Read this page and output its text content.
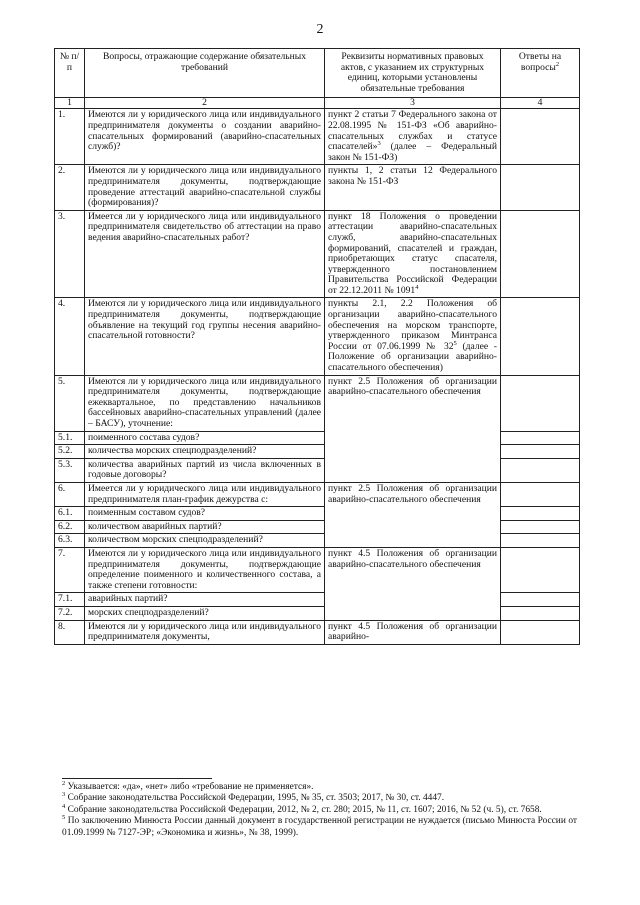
2
№ п/п	Вопросы, отражающие содержание обязательных требований	Реквизиты нормативных правовых актов, с указанием их структурных единиц, которыми установлены обязательные требования	Ответы на вопросы$^2$
1	2	3	4
1.	Имеются ли у юридического лица или индивидуального предпринимателя документы о создании аварийно-спасательных формирований (аварийно-спасательных служб)?	пункт 2 статьи 7 Федерального закона от 22.08.1995 № 151-ФЗ «Об аварийно-спасательных службах и статусе спасателей»$^3$ (далее – Федеральный закон № 151-ФЗ)	
2.	Имеются ли у юридического лица или индивидуального предпринимателя документы, подтверждающие проведение аттестаций аварийно-спасательной службы (формирования)?	пункты 1, 2 статьи 12 Федерального закона № 151-ФЗ	
3.	Имеется ли у юридического лица или индивидуального предпринимателя свидетельство об аттестации на право ведения аварийно-спасательных работ?	пункт 18 Положения о проведении аттестации аварийно-спасательных служб, аварийно-спасательных формирований, спасателей и граждан, приобретающих статус спасателя, утвержденного постановлением Правительства Российской Федерации от 22.12.2011 № 1091$^4$	
4.	Имеются ли у юридического лица или индивидуального предпринимателя документы, подтверждающие объявление на текущий год группы несения аварийно-спасательной готовности?	пункты 2.1, 2.2 Положения об организации аварийно-спасательного обеспечения на морском транспорте, утвержденного приказом Минтранса России от 07.06.1999 № $32^5$ (далее - Положение об организации аварийно-спасательного обеспечения)	
5.	Имеются ли у юридического лица или индивидуального предпринимателя документы, подтверждающие ежеквартальное, по представлению начальников бассейновых аварийно-спасательных управлений (далее – БАСУ), уточнение:	пункт 2.5 Положения об организации аварийно-спасательного обеспечения	
5.1.	поименного состава судов?		
5.2.	количества морских спецподразделений?		
5.3.	количества аварийных партий из числа включенных в годовые договоры?		
6.	Имеется ли у юридического лица или индивидуального предпринимателя план-график дежурства с:	пункт 2.5 Положения об организации аварийно-спасательного обеспечения	
6.1.	поименным составом судов?		
6.2.	количеством аварийных партий?		
6.3.	количеством морских спецподразделений?		
7.	Имеются ли у юридического лица или индивидуального предпринимателя документы, подтверждающие определение поименного и количественного состава, а также степени готовности:	пункт 4.5 Положения об организации аварийно-спасательного обеспечения	
7.1.	аварийных партий?		
7.2.	морских спецподразделений?		
8.	Имеются ли у юридического лица или индивидуального предпринимателя документы,	пункт 4.5 Положения об организации аварийно-	

$^2$ Указывается: «да», «нет» либо «требование не применяется».

$^3$ Собрание законодательства Российской Федерации, 1995, № 35, ст. 3503; 2017, № 30, ст. 4447.

$^4$ Собрание законодательства Российской Федерации, 2012, № 2, ст. 280; 2015, № 11, ст. 1607; 2016, № 52 (ч. 5), ст. 7658.

$^5$ По заключению Минюста России данный документ в государственной регистрации не нуждается (письмо Минюста России от 01.09.1999 № 7127-ЭР; «Экономика и жизнь», № 38, 1999).
